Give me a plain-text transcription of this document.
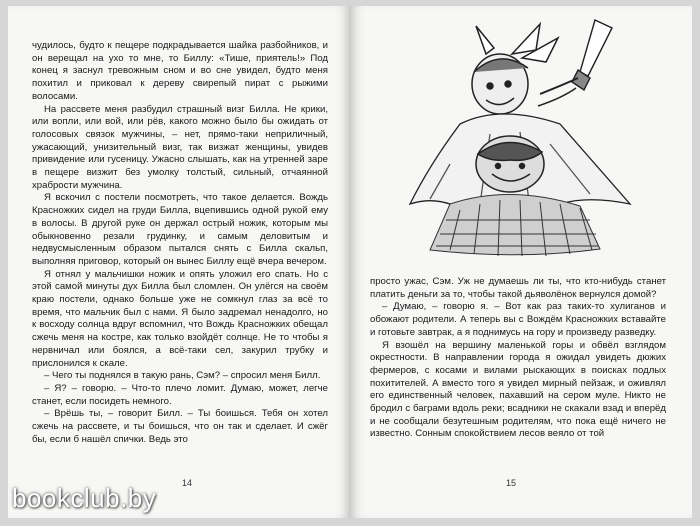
чудилось, будто к пещере подкрадывается шайка разбойников, и он верещал на ухо то мне, то Биллу: «Тише, приятель!» Под конец я заснул тревожным сном и во сне увидел, будто меня похитил и приковал к дереву свирепый пират с рыжими волосами.

На рассвете меня разбудил страшный визг Билла. Не крики, или вопли, или вой, или рёв, какого можно было бы ожидать от голосовых связок мужчины, – нет, прямо-таки неприличный, ужасающий, унизительный визг, так визжат женщины, увидев привидение или гусеницу. Ужасно слышать, как на утренней заре в пещере визжит без умолку толстый, сильный, отчаянной храбрости мужчина.

Я вскочил с постели посмотреть, что такое делается. Вождь Красножких сидел на груди Билла, вцепившись одной рукой ему в волосы. В другой руке он держал острый ножик, которым мы обыкновенно резали грудинку, и самым деловитым и недвусмысленным образом пытался снять с Билла скальп, выполняя приговор, который он вынес Биллу ещё вчера вечером.

Я отнял у мальчишки ножик и опять уложил его спать. Но с этой самой минуты дух Билла был сломлен. Он улёгся на своём краю постели, однако больше уже не сомкнул глаз за всё то время, что мальчик был с нами. Я было задремал ненадолго, но к восходу солнца вдруг вспомнил, что Вождь Красножких обещал сжечь меня на костре, как только взойдёт солнце. Не то чтобы я нервничал или боялся, а всё-таки сел, закурил трубку и прислонился к скале.

– Чего ты поднялся в такую рань, Сэм? – спросил меня Билл.

– Я? – говорю. – Что-то плечо ломит. Думаю, может, легче станет, если посидеть немного.

– Врёшь ты, – говорит Билл. – Ты боишься. Тебя он хотел сжечь на рассвете, и ты боишься, что он так и сделает. И сжёг бы, если б нашёл спички. Ведь это

14

просто ужас, Сэм. Уж не думаешь ли ты, что кто-нибудь станет платить деньги за то, чтобы такой дьяволёнок вернулся домой?

– Думаю, – говорю я. – Вот как раз таких-то хулиганов и обожают родители. А теперь вы с Вождём Красножких вставайте и готовьте завтрак, а я поднимусь на гору и произведу разведку.

Я взошёл на вершину маленькой горы и обвёл взглядом окрестности. В направлении города я ожидал увидеть дюжих фермеров, с косами и вилами рыскающих в поисках подлых похитителей. А вместо того я увидел мирный пейзаж, и оживлял его единственный человек, пахавший на сером муле. Никто не бродил с баграми вдоль реки; всадники не скакали взад и вперёд и не сообщали безутешным родителям, что пока ещё ничего не известно. Сонным спокойствием лесов веяло от той

15
bookclub.by
